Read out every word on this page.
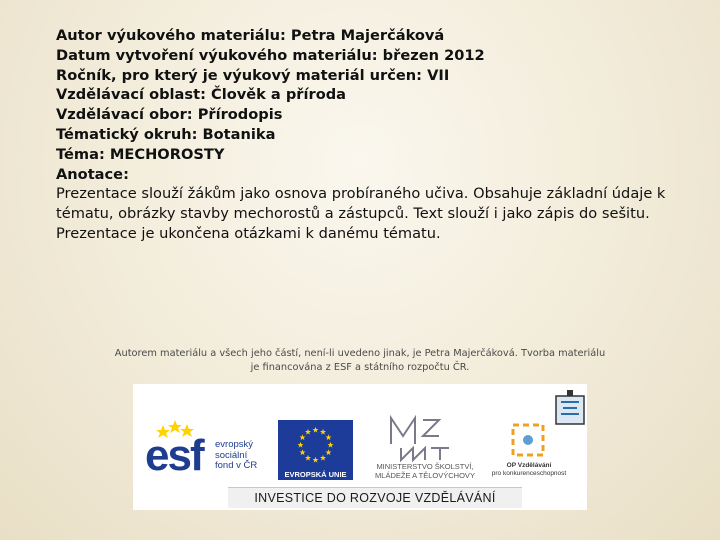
Autor výukového materiálu: Petra Majerčáková
Datum vytvoření výukového materiálu: březen 2012
Ročník, pro který je výukový materiál určen: VII
Vzdělávací oblast: Člověk a příroda
Vzdělávací obor: Přírodopis
Tématický okruh: Botanika
Téma: MECHOROSTY
Anotace:
Prezentace slouží žákům jako osnova probíraného učiva. Obsahuje základní údaje k tématu, obrázky stavby mechorostů a zástupců. Text slouží i jako zápis do sešitu. Prezentace je ukončena otázkami k danému tématu.
Autorem materiálu a všech jeho částí, není-li uvedeno jinak, je Petra Majerčáková. Tvorba materiálu
je financována z ESF a státního rozpočtu ČR.
esf evropský
sociální
fond v ČR
EVROPSKÁ UNIE
MINISTERSTVO ŠKOLSTVÍ,
MLÁDEŽE A TĚLOVÝCHOVY
OP Vzdělávání
pro konkurenceschopnost
INVESTICE DO ROZVOJE VZDĚLÁVÁNÍ
